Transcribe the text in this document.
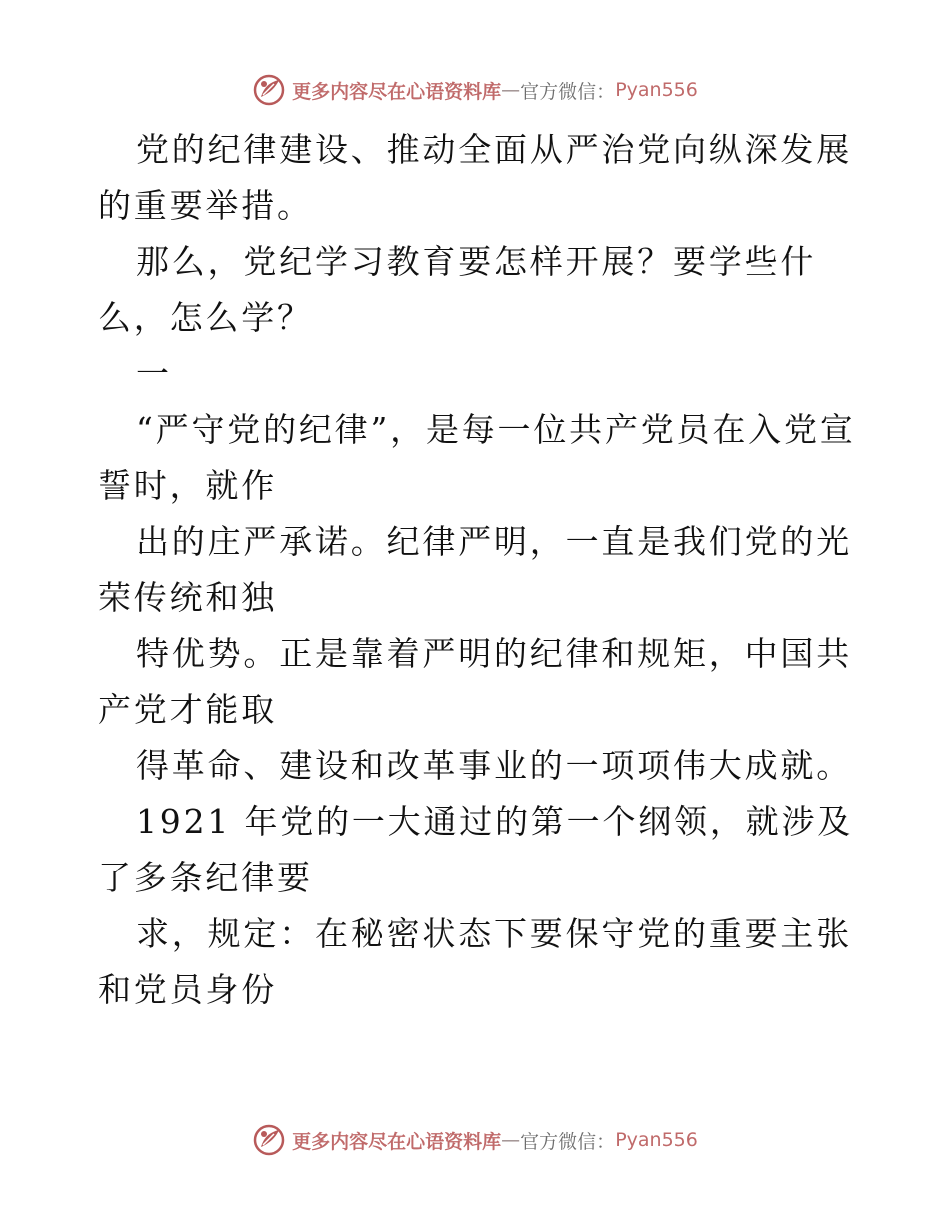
更多内容尽在心语资料库 — 官方微信： Pyan556

党的纪律建设、推动全面从严治党向纵深发展的重要举措。

那么，党纪学习教育要怎样开展？要学些什么，怎么学？

一

“严守党的纪律”，是每一位共产党员在入党宣誓时，就作

出的庄严承诺。纪律严明，一直是我们党的光荣传统和独

特优势。正是靠着严明的纪律和规矩，中国共产党才能取

得革命、建设和改革事业的一项项伟大成就。

1921 年党的一大通过的第一个纲领，就涉及了多条纪律要

求，规定：在秘密状态下要保守党的重要主张和党员身份

更多内容尽在心语资料库 — 官方微信： Pyan556
